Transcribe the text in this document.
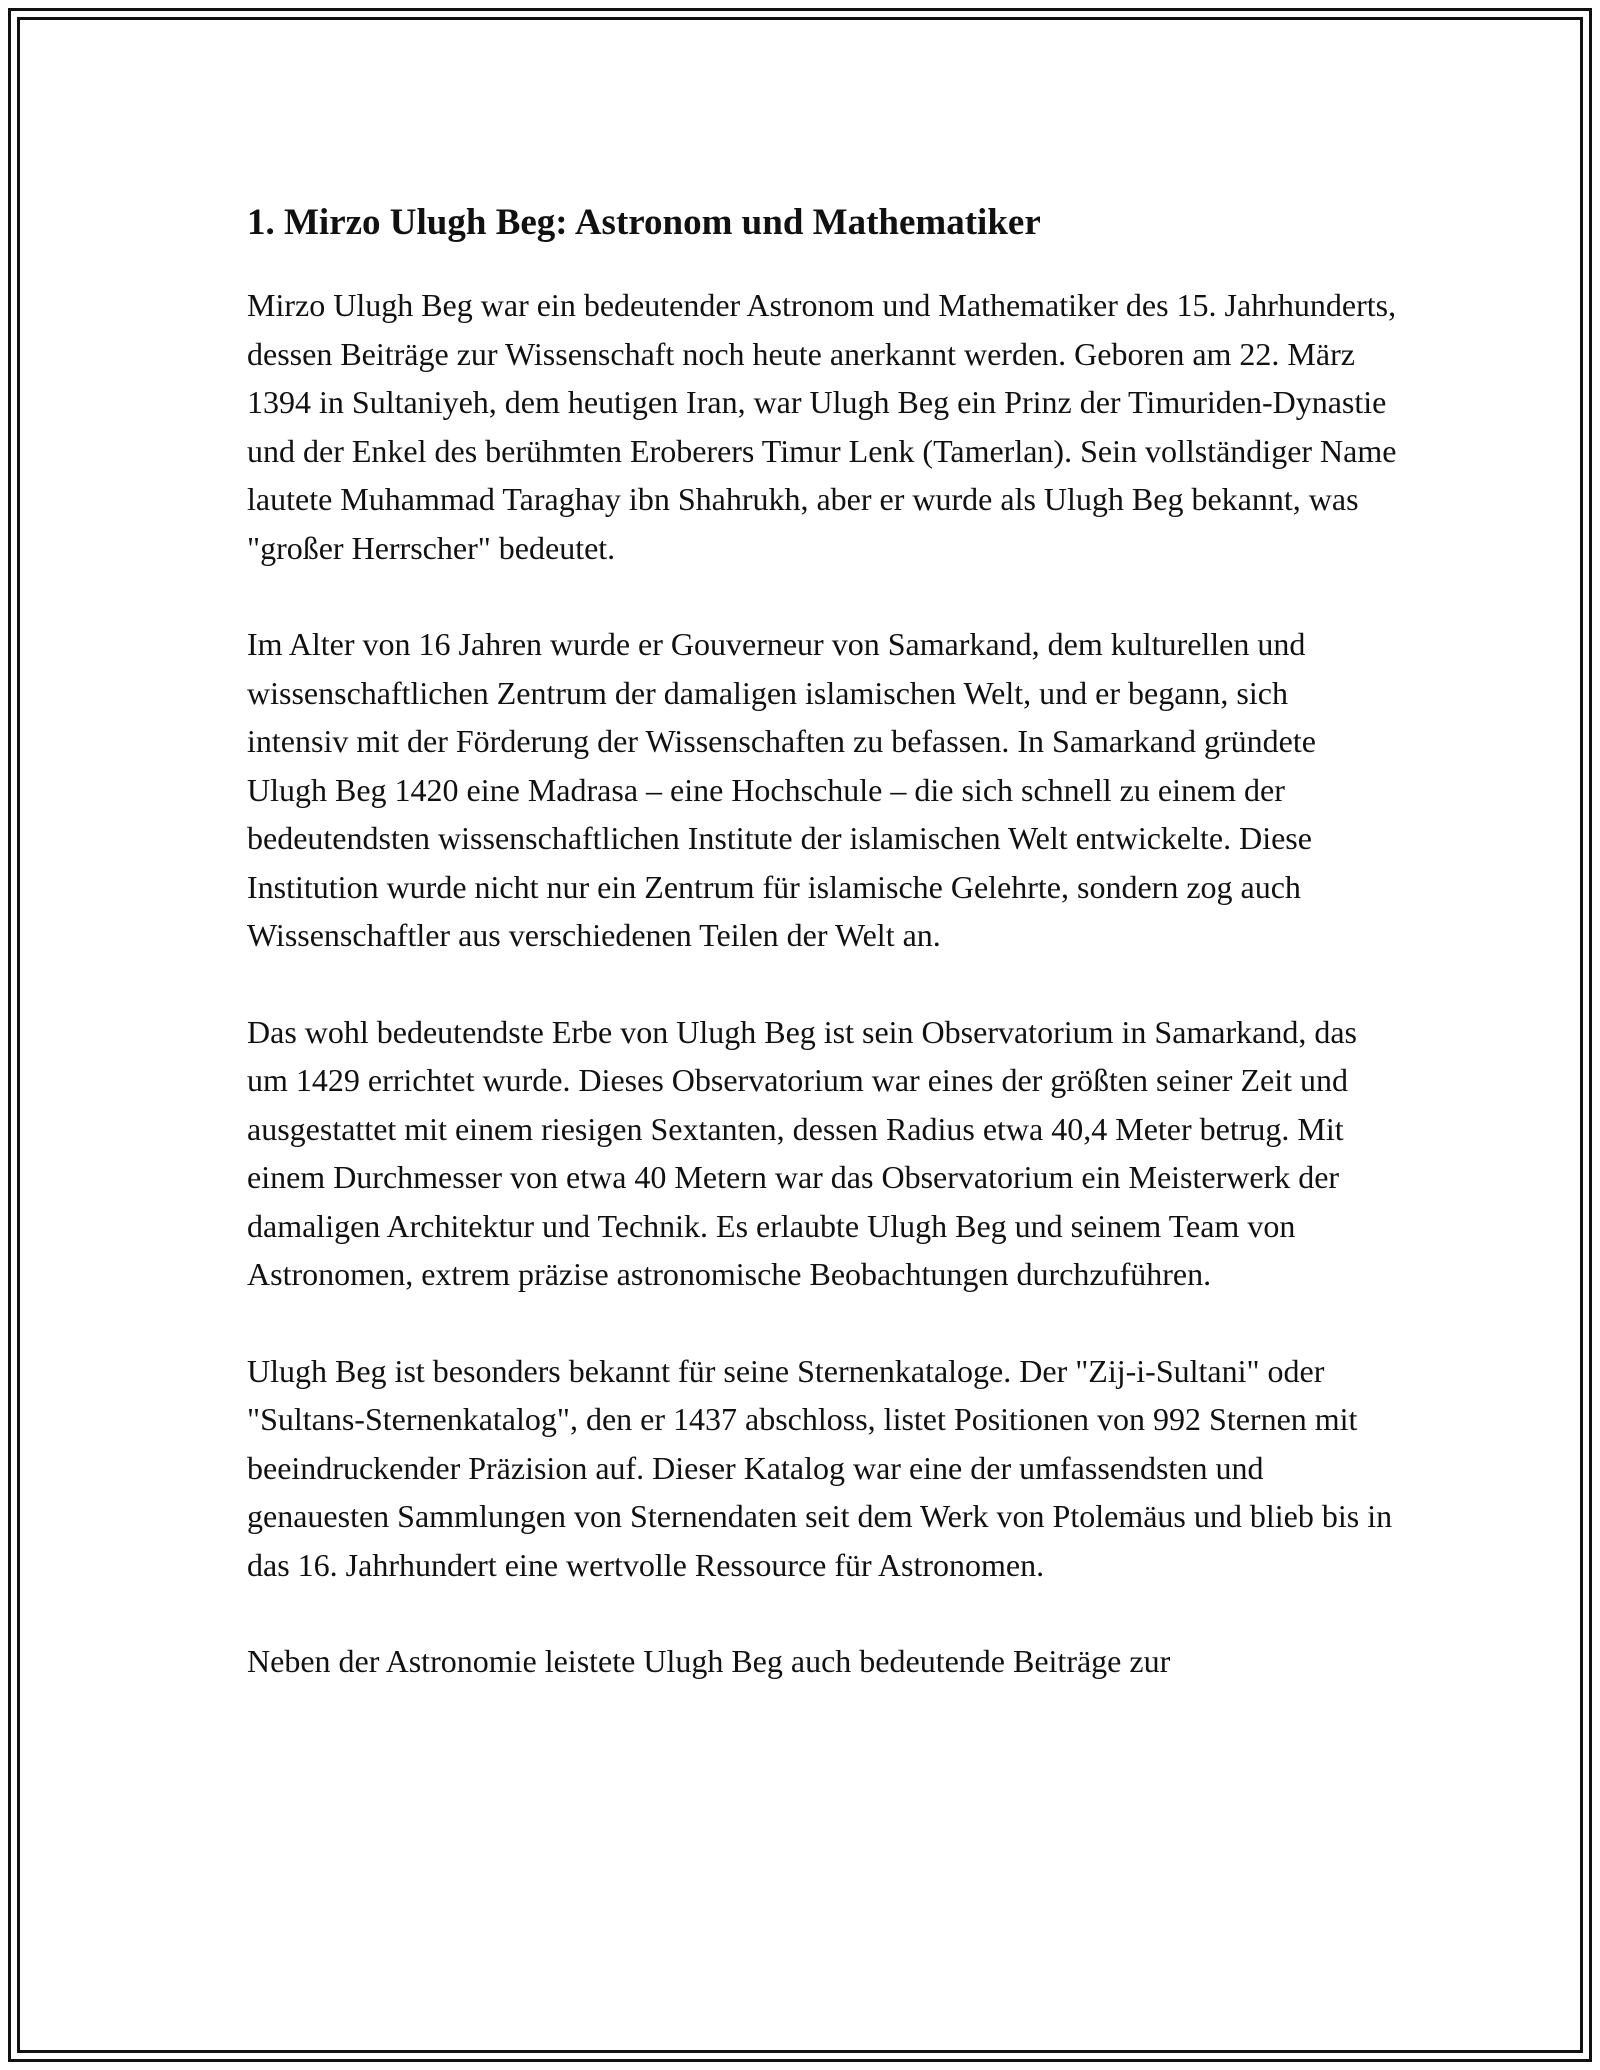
1. Mirzo Ulugh Beg: Astronom und Mathematiker

Mirzo Ulugh Beg war ein bedeutender Astronom und Mathematiker des 15. Jahrhunderts, dessen Beiträge zur Wissenschaft noch heute anerkannt werden. Geboren am 22. März 1394 in Sultaniyeh, dem heutigen Iran, war Ulugh Beg ein Prinz der Timuriden-Dynastie und der Enkel des berühmten Eroberers Timur Lenk (Tamerlan). Sein vollständiger Name lautete Muhammad Taraghay ibn Shahrukh, aber er wurde als Ulugh Beg bekannt, was "großer Herrscher" bedeutet.

Im Alter von 16 Jahren wurde er Gouverneur von Samarkand, dem kulturellen und wissenschaftlichen Zentrum der damaligen islamischen Welt, und er begann, sich intensiv mit der Förderung der Wissenschaften zu befassen. In Samarkand gründete Ulugh Beg 1420 eine Madrasa – eine Hochschule – die sich schnell zu einem der bedeutendsten wissenschaftlichen Institute der islamischen Welt entwickelte. Diese Institution wurde nicht nur ein Zentrum für islamische Gelehrte, sondern zog auch Wissenschaftler aus verschiedenen Teilen der Welt an.

Das wohl bedeutendste Erbe von Ulugh Beg ist sein Observatorium in Samarkand, das um 1429 errichtet wurde. Dieses Observatorium war eines der größten seiner Zeit und ausgestattet mit einem riesigen Sextanten, dessen Radius etwa 40,4 Meter betrug. Mit einem Durchmesser von etwa 40 Metern war das Observatorium ein Meisterwerk der damaligen Architektur und Technik. Es erlaubte Ulugh Beg und seinem Team von Astronomen, extrem präzise astronomische Beobachtungen durchzuführen.

Ulugh Beg ist besonders bekannt für seine Sternenkataloge. Der "Zij-i-Sultani" oder "Sultans-Sternenkatalog", den er 1437 abschloss, listet Positionen von 992 Sternen mit beeindruckender Präzision auf. Dieser Katalog war eine der umfassendsten und genauesten Sammlungen von Sternendaten seit dem Werk von Ptolemäus und blieb bis in das 16. Jahrhundert eine wertvolle Ressource für Astronomen.

Neben der Astronomie leistete Ulugh Beg auch bedeutende Beiträge zur
